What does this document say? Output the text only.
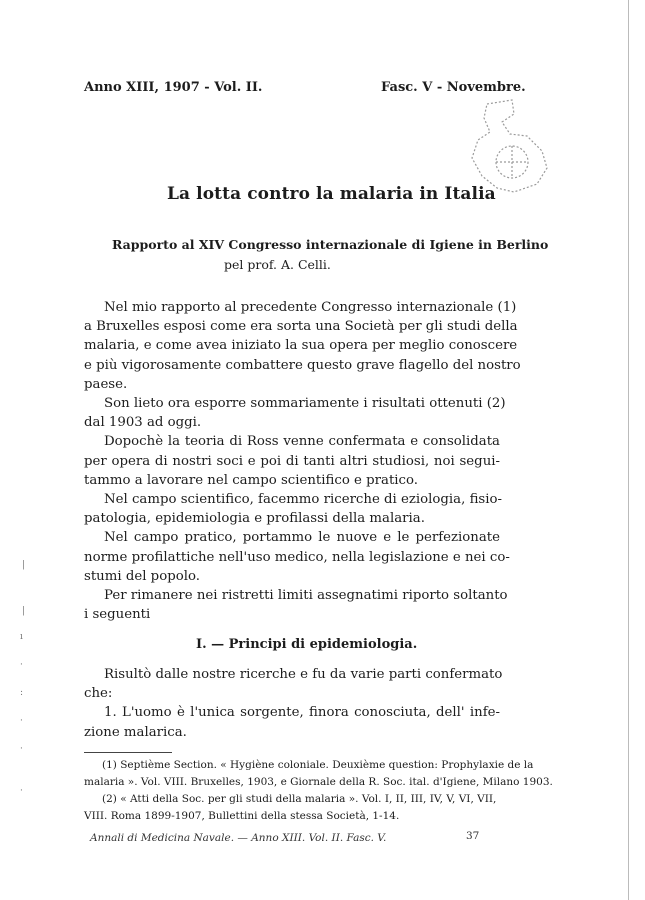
Anno XIII, 1907 - Vol. II.	Fasc. V - Novembre.
La lotta contro la malaria in Italia
Rapporto al XIV Congresso internazionale di Igiene in Berlino
pel prof. A. Celli.

Nel mio rapporto al precedente Congresso internazionale (1)

a Bruxelles esposi come era sorta una Società per gli studi della

malaria, e come avea iniziato la sua opera per meglio conoscere

e più vigorosamente combattere questo grave flagello del nostro

paese.

Son lieto ora esporre sommariamente i risultati ottenuti (2)

dal 1903 ad oggi.

Dopochè la teoria di Ross venne confermata e consolidata

per opera di nostri soci e poi di tanti altri studiosi, noi segui-

tammo a lavorare nel campo scientifico e pratico.

Nel campo scientifico, facemmo ricerche di eziologia, fisio-

patologia, epidemiologia e profilassi della malaria.

Nel campo pratico, portammo le nuove e le perfezionate

norme profilattiche nell'uso medico, nella legislazione e nei co-

stumi del popolo.

Per rimanere nei ristretti limiti assegnatimi riporto soltanto

i seguenti

I. — Principi di epidemiologia.

Risultò dalle nostre ricerche e fu da varie parti confermato

che:

1. L'uomo è l'unica sorgente, finora conosciuta, dell' infe-

zione malarica.

(1) Septième Section. « Hygiène coloniale. Deuxième question: Prophylaxie de la

malaria ». Vol. VIII. Bruxelles, 1903, e Giornale della R. Soc. ital. d'Igiene, Milano 1903.

(2) « Atti della Soc. per gli studi della malaria ». Vol. I, II, III, IV, V, VI, VII,

VIII. Roma 1899-1907, Bullettini della stessa Società, 1-14.

Annali di Medicina Navale. — Anno XIII. Vol. II. Fasc. V.	37
|
|
ı
·
:
·
·
·
